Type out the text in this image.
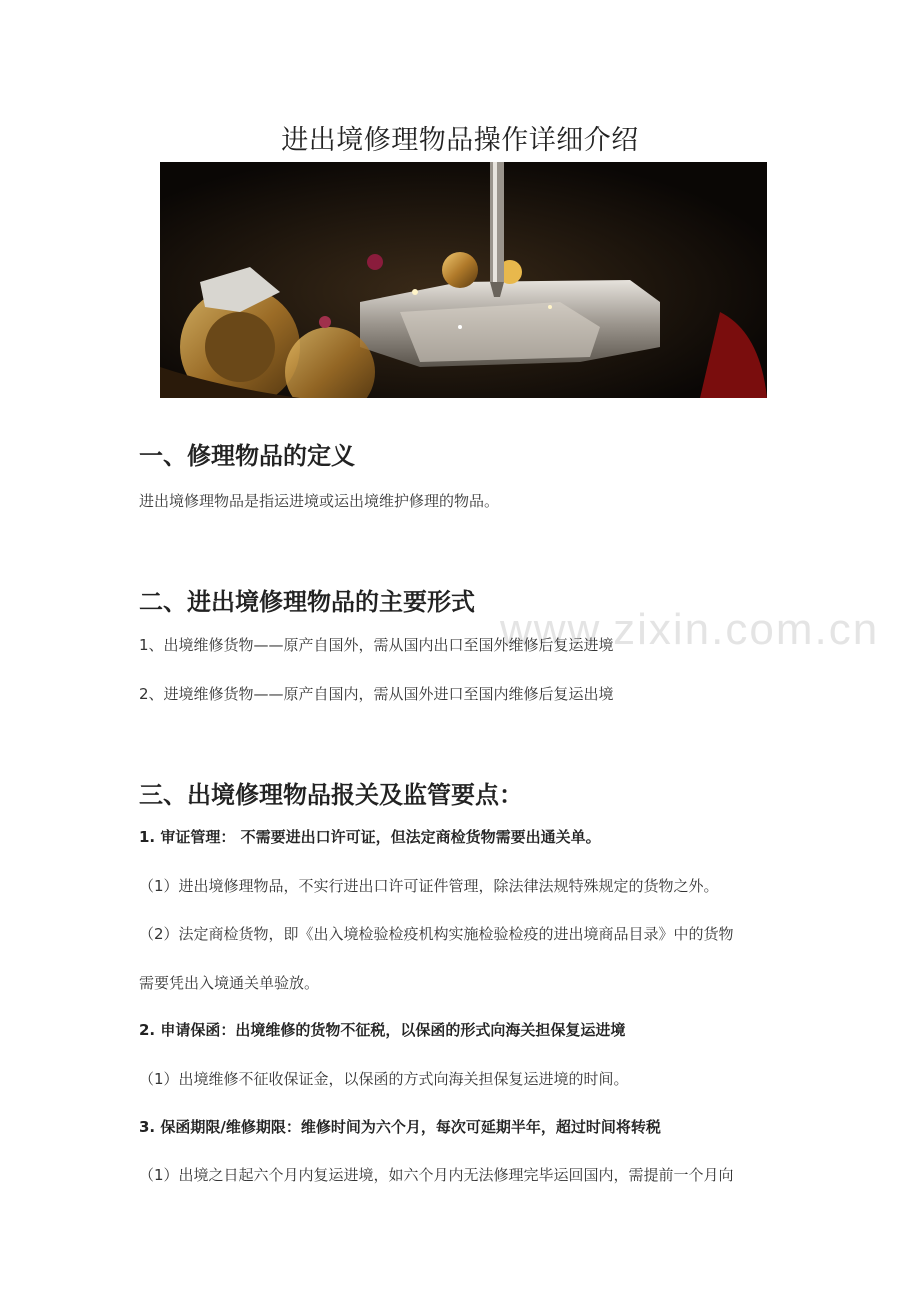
进出境修理物品操作详细介绍
www.zixin.com.cn
一、修理物品的定义

进出境修理物品是指运进境或运出境维护修理的物品。

二、进出境修理物品的主要形式

1、出境维修货物——原产自国外，需从国内出口至国外维修后复运进境

2、进境维修货物——原产自国内，需从国外进口至国内维修后复运出境

三、出境修理物品报关及监管要点：

1. 审证管理： 不需要进出口许可证，但法定商检货物需要出通关单。

（1）进出境修理物品，不实行进出口许可证件管理，除法律法规特殊规定的货物之外。

（2）法定商检货物，即《出入境检验检疫机构实施检验检疫的进出境商品目录》中的货物

需要凭出入境通关单验放。

2. 申请保函：出境维修的货物不征税，以保函的形式向海关担保复运进境

（1）出境维修不征收保证金，以保函的方式向海关担保复运进境的时间。

3. 保函期限/维修期限：维修时间为六个月，每次可延期半年，超过时间将转税

（1）出境之日起六个月内复运进境，如六个月内无法修理完毕运回国内，需提前一个月向
